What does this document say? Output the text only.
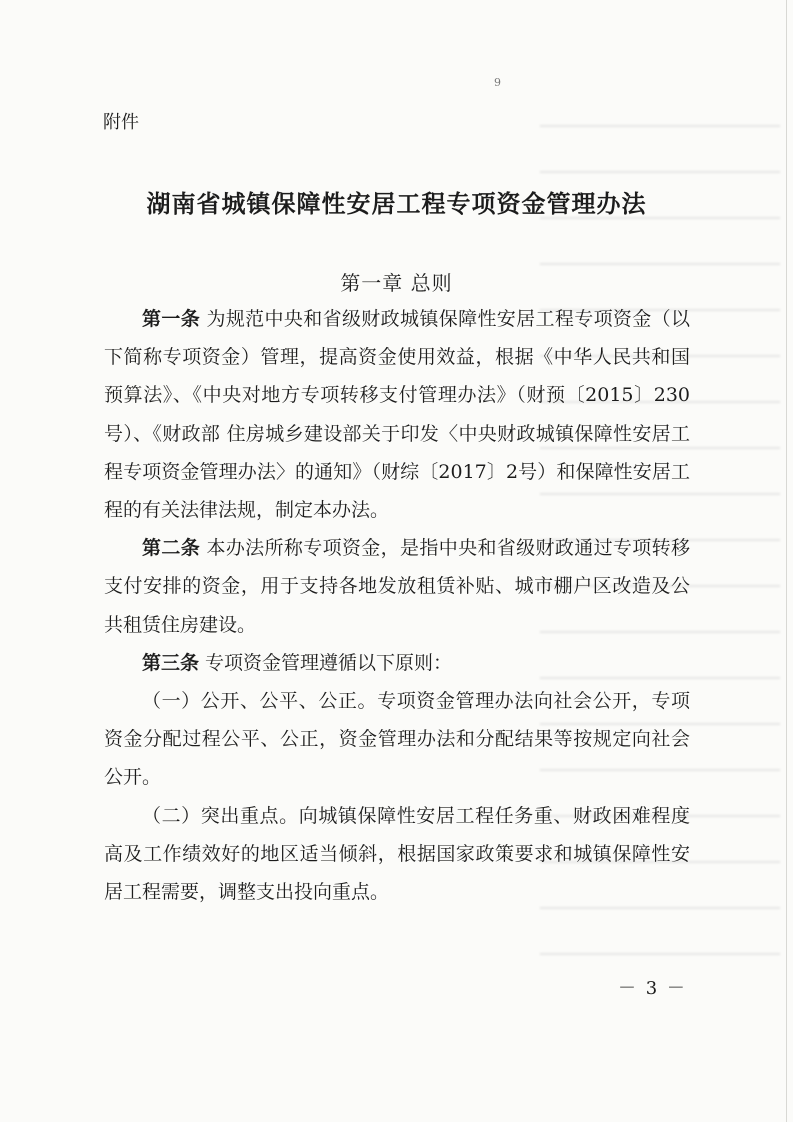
9
附件
湖南省城镇保障性安居工程专项资金管理办法
第一章 总则

第一条 为规范中央和省级财政城镇保障性安居工程专项资金（以下简称专项资金）管理，提高资金使用效益，根据《中华人民共和国预算法》、《中央对地方专项转移支付管理办法》（财预〔2015〕230号）、《财政部 住房城乡建设部关于印发〈中央财政城镇保障性安居工程专项资金管理办法〉的通知》（财综〔2017〕2号）和保障性安居工程的有关法律法规，制定本办法。

第二条 本办法所称专项资金，是指中央和省级财政通过专项转移支付安排的资金，用于支持各地发放租赁补贴、城市棚户区改造及公共租赁住房建设。

第三条 专项资金管理遵循以下原则：

（一）公开、公平、公正。专项资金管理办法向社会公开，专项资金分配过程公平、公正，资金管理办法和分配结果等按规定向社会公开。

（二）突出重点。向城镇保障性安居工程任务重、财政困难程度高及工作绩效好的地区适当倾斜，根据国家政策要求和城镇保障性安居工程需要，调整支出投向重点。

－ 3 －
